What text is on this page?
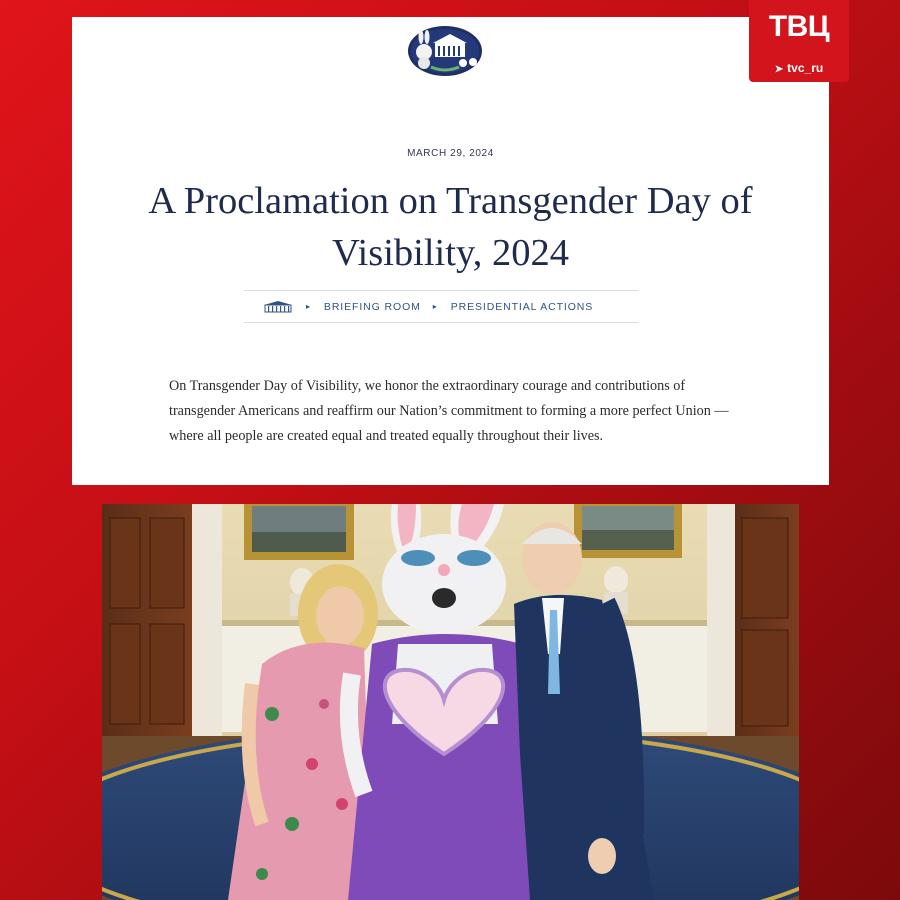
MARCH 29, 2024
A Proclamation on Transgender Day of Visibility, 2024
▸ BRIEFING ROOM ▸ PRESIDENTIAL ACTIONS

On Transgender Day of Visibility, we honor the extraordinary courage and contributions of transgender Americans and reaffirm our Nation’s commitment to forming a more perfect Union — where all people are created equal and treated equally throughout their lives.

ТВЦ
➤ tvc_ru
